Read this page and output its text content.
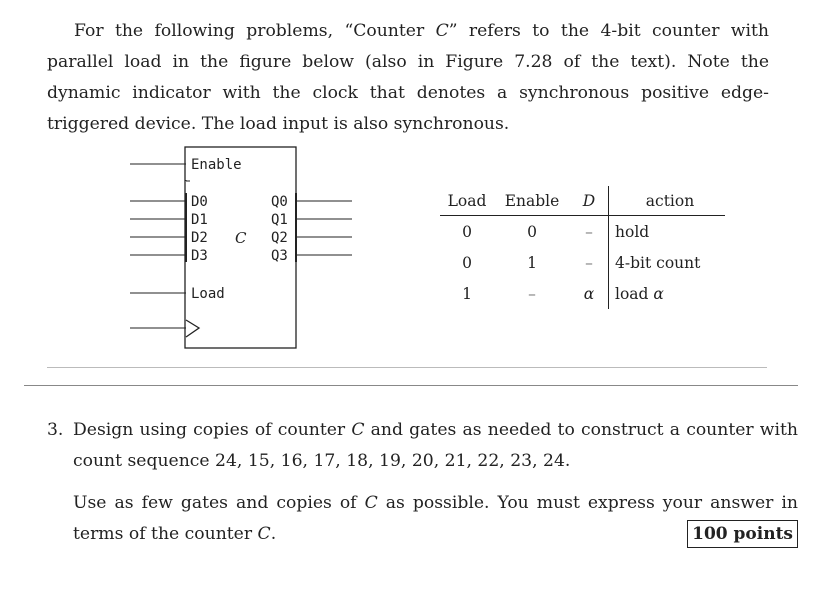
For the following problems, “Counter C” refers to the 4-bit counter with parallel load in the figure below (also in Figure 7.28 of the text). Note the dynamic indicator with the clock that denotes a synchronous positive edge-triggered device. The load input is also synchronous.

Enable
D0
D1
D2
D3
C
Q0
Q1
Q2
Q3
Load
Load	Enable	D	action
0	0	–	hold
0	1	–	4-bit count
1	–	α	load α
3. Design using copies of counter C and gates as needed to construct a counter with count sequence 24, 15, 16, 17, 18, 19, 20, 21, 22, 23, 24.
Use as few gates and copies of C as possible. You must express your answer in terms of the counter C.	100 points
